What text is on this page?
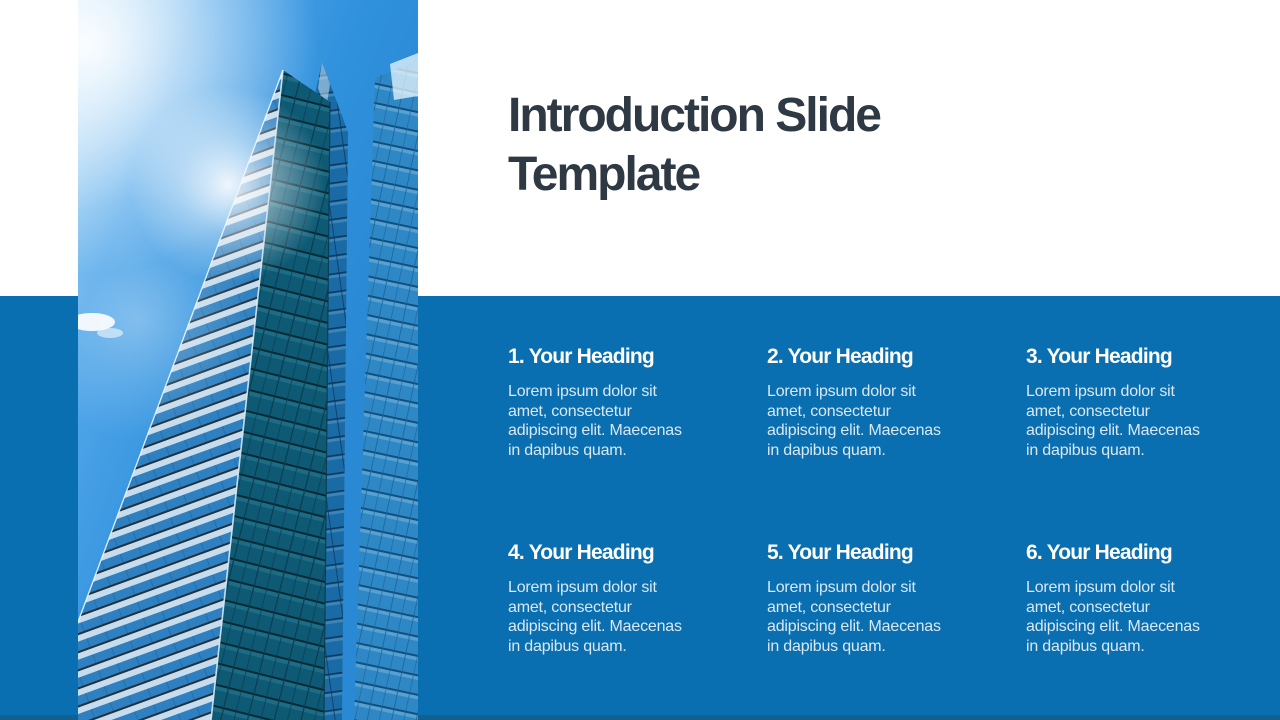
Introduction Slide Template
1. Your Heading

Lorem ipsum dolor sit amet, consectetur adipiscing elit. Maecenas in dapibus quam.

2. Your Heading

Lorem ipsum dolor sit amet, consectetur adipiscing elit. Maecenas in dapibus quam.

3. Your Heading

Lorem ipsum dolor sit amet, consectetur adipiscing elit. Maecenas in dapibus quam.

4. Your Heading

Lorem ipsum dolor sit amet, consectetur adipiscing elit. Maecenas in dapibus quam.

5. Your Heading

Lorem ipsum dolor sit amet, consectetur adipiscing elit. Maecenas in dapibus quam.

6. Your Heading

Lorem ipsum dolor sit amet, consectetur adipiscing elit. Maecenas in dapibus quam.
